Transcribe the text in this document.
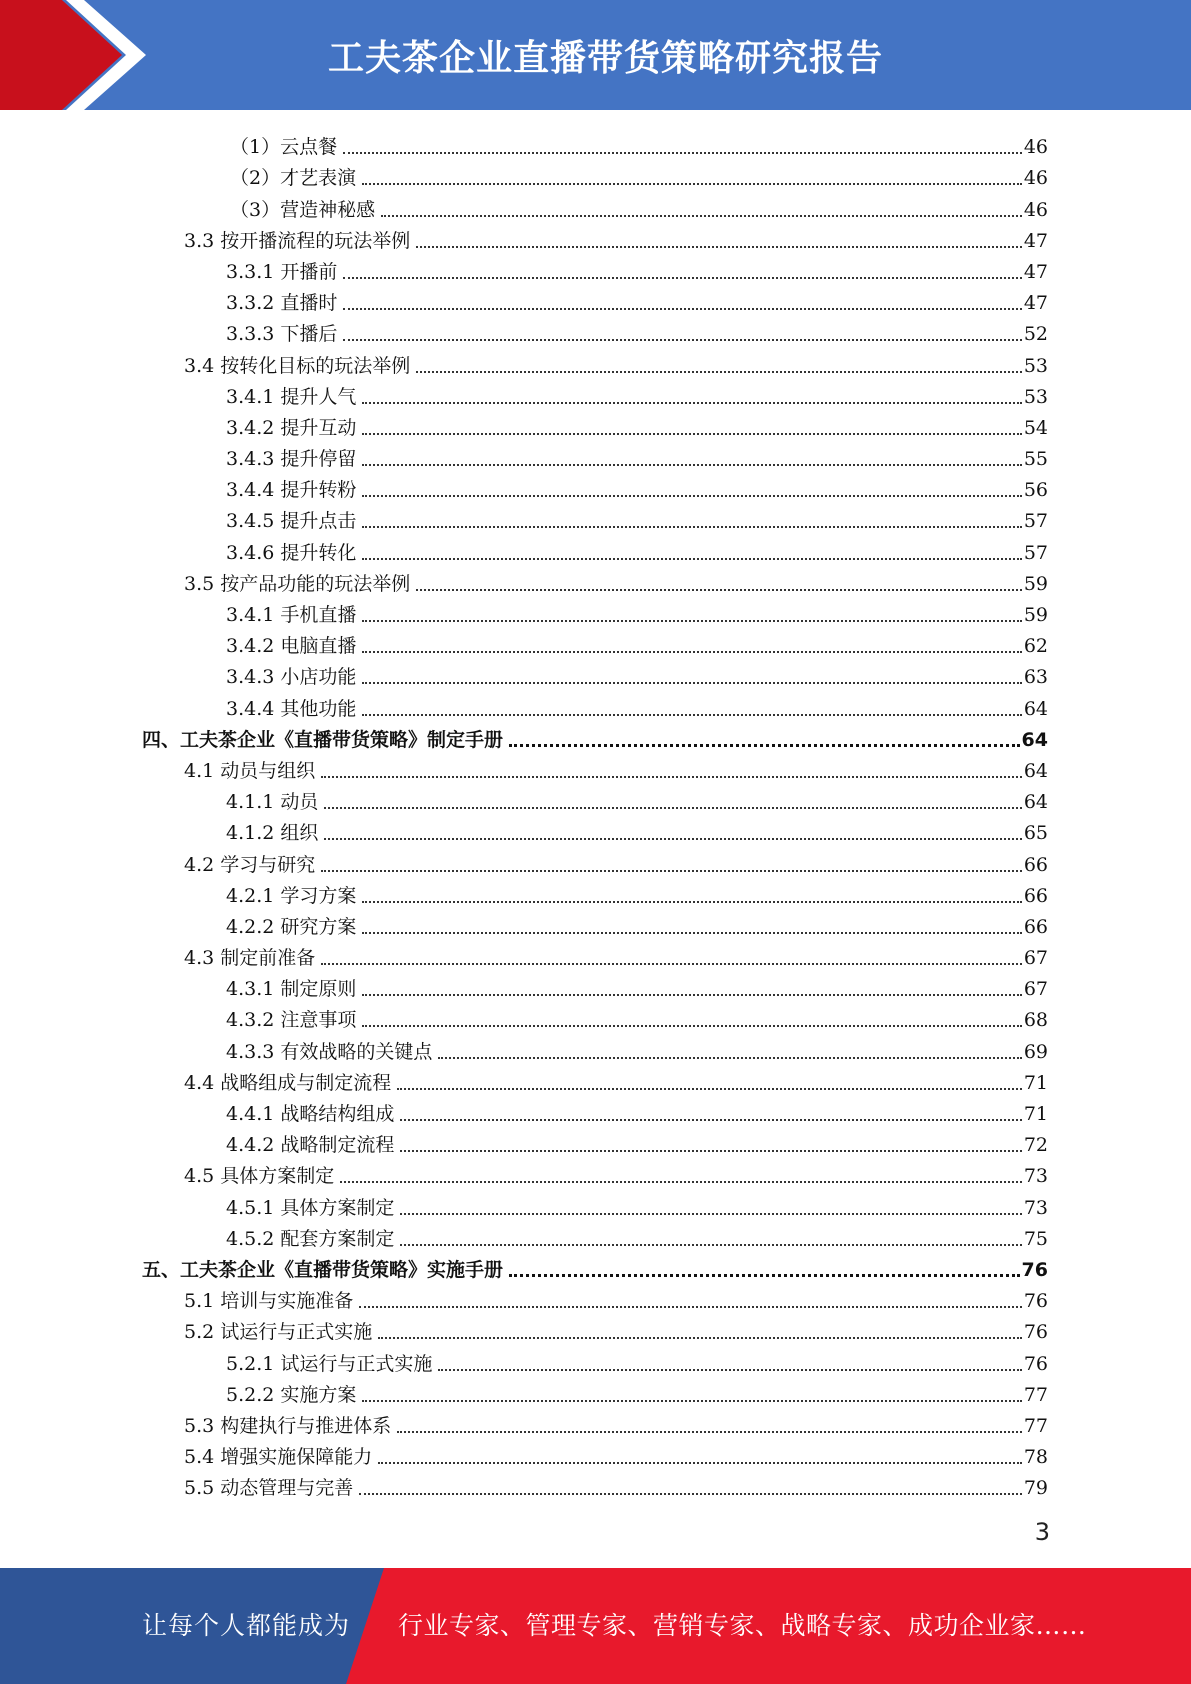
工夫茶企业直播带货策略研究报告
（1）云点餐	46
（2）才艺表演	46
（3）营造神秘感	46
3.3 按开播流程的玩法举例	47
3.3.1 开播前	47
3.3.2 直播时	47
3.3.3 下播后	52
3.4 按转化目标的玩法举例	53
3.4.1 提升人气	53
3.4.2 提升互动	54
3.4.3 提升停留	55
3.4.4 提升转粉	56
3.4.5 提升点击	57
3.4.6 提升转化	57
3.5 按产品功能的玩法举例	59
3.4.1 手机直播	59
3.4.2 电脑直播	62
3.4.3 小店功能	63
3.4.4 其他功能	64
四、工夫茶企业《直播带货策略》制定手册	64
4.1 动员与组织	64
4.1.1 动员	64
4.1.2 组织	65
4.2 学习与研究	66
4.2.1 学习方案	66
4.2.2 研究方案	66
4.3 制定前准备	67
4.3.1 制定原则	67
4.3.2 注意事项	68
4.3.3 有效战略的关键点	69
4.4 战略组成与制定流程	71
4.4.1 战略结构组成	71
4.4.2 战略制定流程	72
4.5 具体方案制定	73
4.5.1 具体方案制定	73
4.5.2 配套方案制定	75
五、工夫茶企业《直播带货策略》实施手册	76
5.1 培训与实施准备	76
5.2 试运行与正式实施	76
5.2.1 试运行与正式实施	76
5.2.2 实施方案	77
5.3 构建执行与推进体系	77
5.4 增强实施保障能力	78
5.5 动态管理与完善	79
3
让每个人都能成为 行业专家、管理专家、营销专家、战略专家、成功企业家……
